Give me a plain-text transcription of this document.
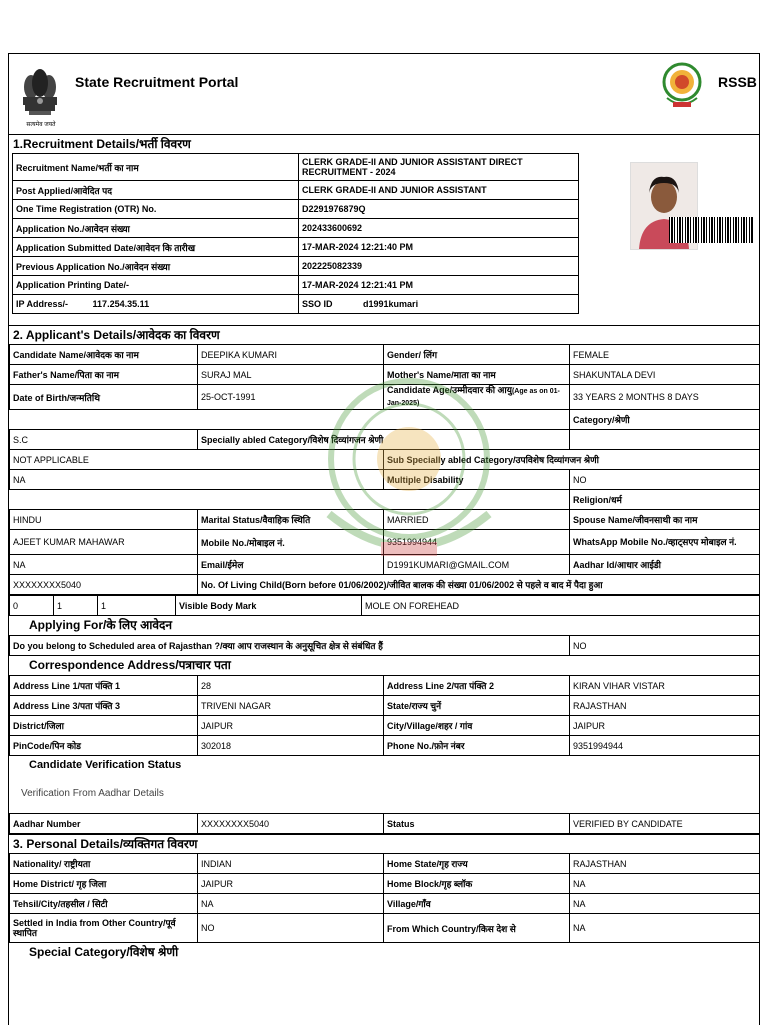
सत्यमेव जयते
State Recruitment Portal	RSSB
1.Recruitment Details/भर्ती विवरण
Recruitment Name/भर्ती का नाम	CLERK GRADE-II AND JUNIOR ASSISTANT DIRECT RECRUITMENT - 2024
Post Applied/आवेदित पद	CLERK GRADE-II AND JUNIOR ASSISTANT
One Time Registration (OTR) No.	D2291976879Q
Application No./आवेदन संख्या	202433600692
Application Submitted Date/आवेदन कि तारीख	17-MAR-2024 12:21:40 PM
Previous Application No./आवेदन संख्या	202225082339
Application Printing Date/-	17-MAR-2024 12:21:41 PM
IP Address/- 117.254.35.11	SSO ID d1991kumari
2. Applicant's Details/आवेदक का विवरण
Candidate Name/आवेदक का नाम	DEEPIKA KUMARI	Gender/ लिंग	FEMALE
Father's Name/पिता का नाम	SURAJ MAL	Mother's Name/माता का नाम	SHAKUNTALA DEVI
Date of Birth/जन्मतिथि	25-OCT-1991	Candidate Age/उम्मीदवार की आयु(Age as on 01-Jan-2025)	33 YEARS 2 MONTHS 8 DAYS
			Category/श्रेणी
S.C	Specially abled Category/विशेष दिव्यांगजन श्रेणी		
NOT APPLICABLE		Sub Specially abled Category/उपविशेष दिव्यांगजन श्रेणी	
NA		Multiple Disability	NO
			Religion/धर्म
HINDU	Marital Status/वैवाहिक स्थिति	MARRIED	Spouse Name/जीवनसाथी का नाम
AJEET KUMAR MAHAWAR	Mobile No./मोबाइल नं.	9351994944	WhatsApp Mobile No./व्हाट्सएप मोबाइल नं.
NA	Email/ईमेल	D1991KUMARI@GMAIL.COM	Aadhar Id/आधार आईडी
XXXXXXXX5040	No. Of Living Child(Born before 01/06/2002)/जीवित बालक की संख्या 01/06/2002 से पहले व बाद में पैदा हुआ		
0	1	1	Visible Body Mark	MOLE ON FOREHEAD
Applying For/के लिए आवेदन
Do you belong to Scheduled area of Rajasthan ?/क्या आप राजस्थान के अनुसूचित क्षेत्र से संबंधित हैं	NO
Correspondence Address/पत्राचार पता
Address Line 1/पता पंक्ति 1	28	Address Line 2/पता पंक्ति 2	KIRAN VIHAR VISTAR
Address Line 3/पता पंक्ति 3	TRIVENI NAGAR	State/राज्य चुनें	RAJASTHAN
District/जिला	JAIPUR	City/Village/शहर / गांव	JAIPUR
PinCode/पिन कोड	302018	Phone No./फ़ोन नंबर	9351994944
Candidate Verification Status
Verification From Aadhar Details
Aadhar Number	XXXXXXXX5040	Status	VERIFIED BY CANDIDATE
3. Personal Details/व्यक्तिगत विवरण
Nationality/ राष्ट्रीयता	INDIAN	Home State/गृह राज्य	RAJASTHAN
Home District/ गृह जिला	JAIPUR	Home Block/गृह ब्लॉक	NA
Tehsil/City/तहसील / सिटी	NA	Village/गाँव	NA
Settled in India from Other Country/पूर्व स्थापित	NO	From Which Country/किस देश से	NA
Special Category/विशेष श्रेणी
